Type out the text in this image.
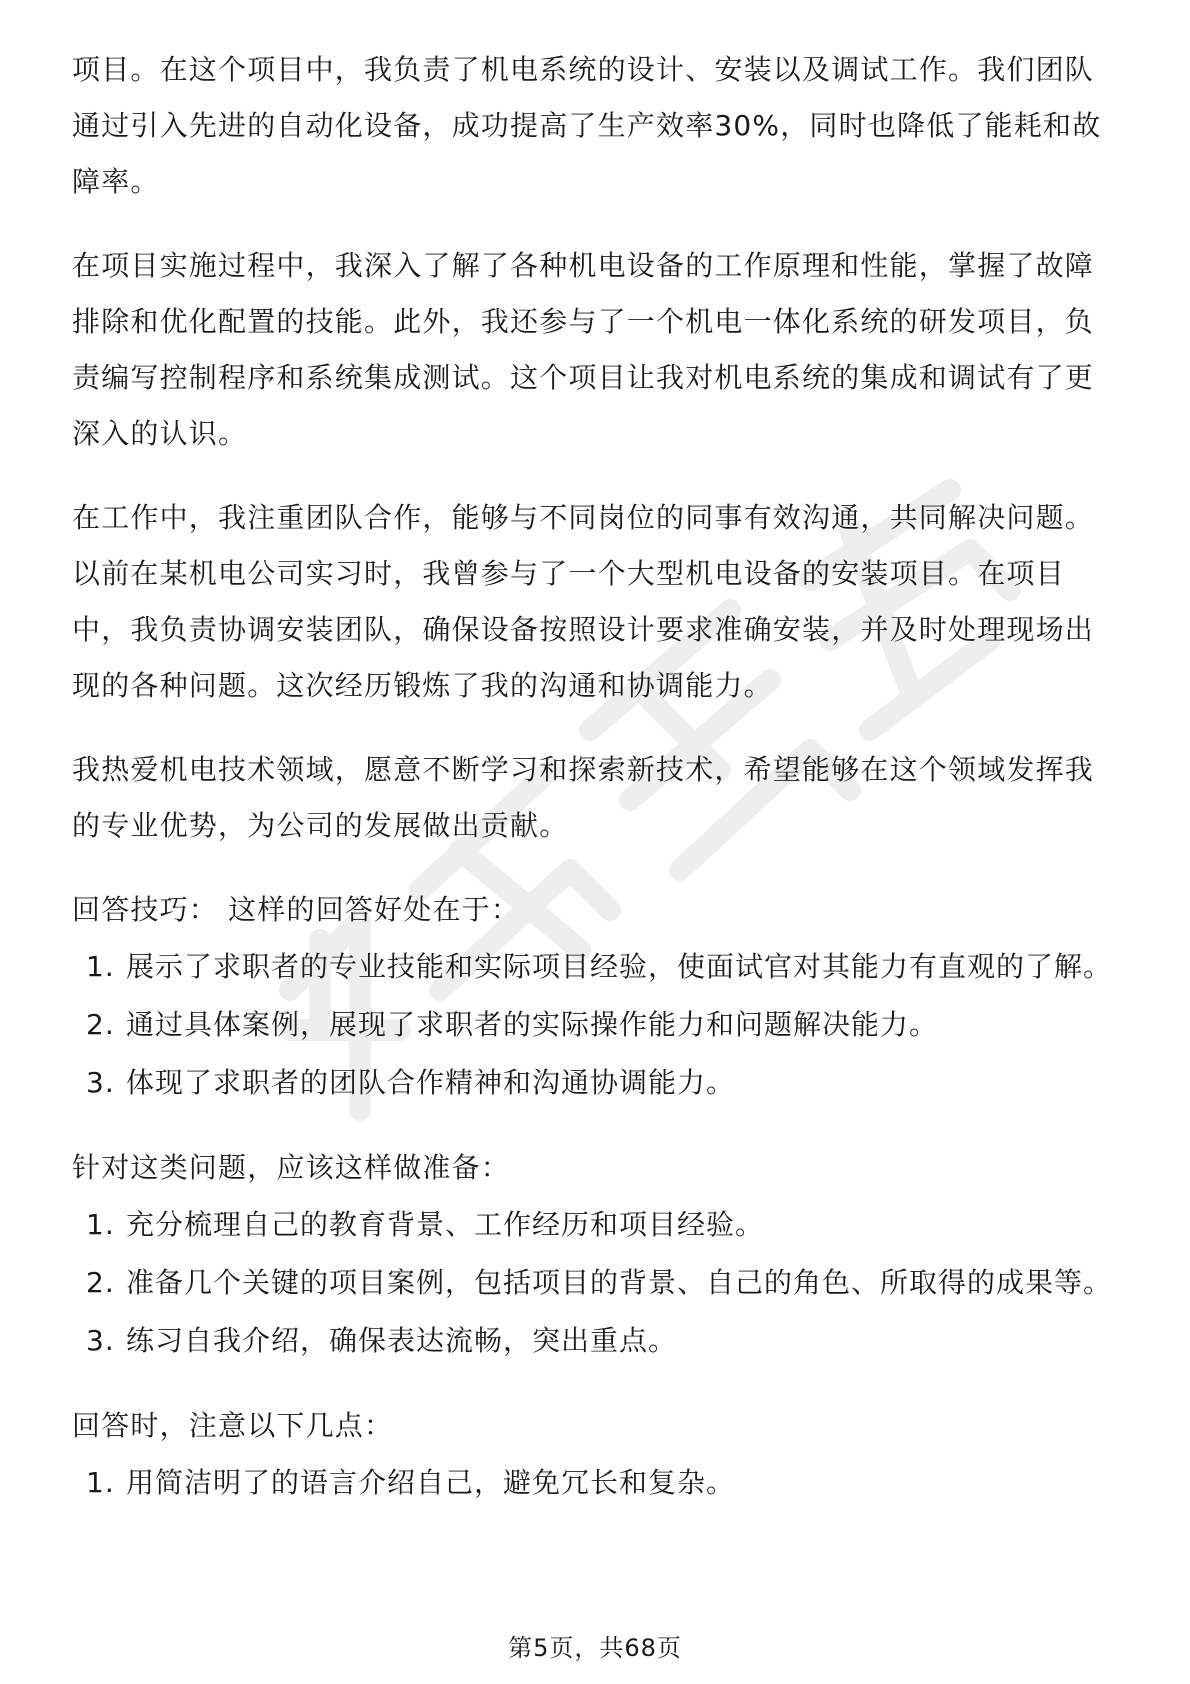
项目。在这个项目中，我负责了机电系统的设计、安装以及调试工作。我们团队通过引入先进的自动化设备，成功提高了生产效率30%，同时也降低了能耗和故障率。

在项目实施过程中，我深入了解了各种机电设备的工作原理和性能，掌握了故障排除和优化配置的技能。此外，我还参与了一个机电一体化系统的研发项目，负责编写控制程序和系统集成测试。这个项目让我对机电系统的集成和调试有了更深入的认识。

在工作中，我注重团队合作，能够与不同岗位的同事有效沟通，共同解决问题。以前在某机电公司实习时，我曾参与了一个大型机电设备的安装项目。在项目中，我负责协调安装团队，确保设备按照设计要求准确安装，并及时处理现场出现的各种问题。这次经历锻炼了我的沟通和协调能力。

我热爱机电技术领域，愿意不断学习和探索新技术，希望能够在这个领域发挥我的专业优势，为公司的发展做出贡献。

回答技巧： 这样的回答好处在于：

1. 展示了求职者的专业技能和实际项目经验，使面试官对其能力有直观的了解。
2. 通过具体案例，展现了求职者的实际操作能力和问题解决能力。
3. 体现了求职者的团队合作精神和沟通协调能力。

针对这类问题，应该这样做准备：

1. 充分梳理自己的教育背景、工作经历和项目经验。
2. 准备几个关键的项目案例，包括项目的背景、自己的角色、所取得的成果等。
3. 练习自我介绍，确保表达流畅，突出重点。

回答时，注意以下几点：

1. 用简洁明了的语言介绍自己，避免冗长和复杂。
第5页，共68页
